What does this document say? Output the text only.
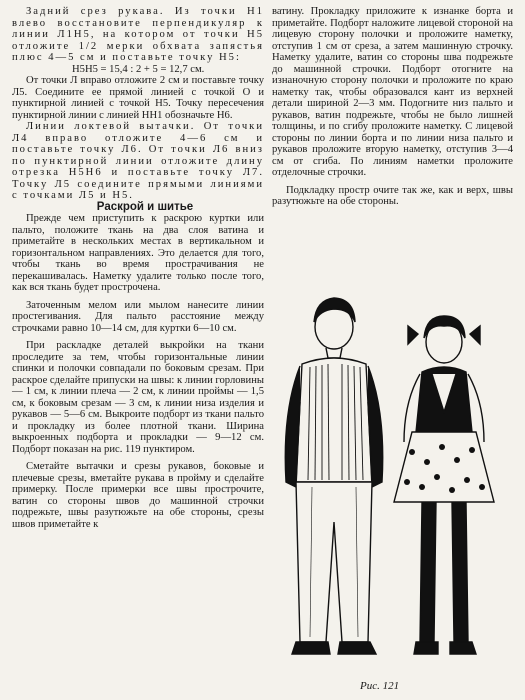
Задний срез рукава. Из точки Н1 влево восстановите перпендикуляр к линии Л1Н5, на котором от точки Н5 отложите 1/2 мерки обхвата запястья плюс 4—5 см и поставьте точку Н5:

Н5Н5 = 15,4 : 2 + 5 = 12,7 см.

От точки Л вправо отложите 2 см и поставьте точку Л5. Соедините ее прямой линией с точкой О и пунктирной линией с точкой Н5. Точку пересечения пунктирной линии с линией НН1 обозначьте Н6.

Линии локтевой вытачки. От точки Л4 вправо отложите 4—6 см и поставьте точку Л6. От точки Л6 вниз по пунктирной линии отложите длину отрезка Н5Н6 и поставьте точку Л7. Точку Л5 соедините прямыми линиями с точками Л5 и Н5.

Раскрой и шитье

Прежде чем приступить к раскрою куртки или пальто, положите ткань на два слоя ватина и приметайте в нескольких местах в вертикальном и горизонтальном направлениях. Это делается для того, чтобы ткань во время прострачивания не перекашивалась. Наметку удалите только после того, как вся ткань будет прострочена.

Заточенным мелом или мылом нанесите линии простегивания. Для пальто расстояние между строчками равно 10—14 см, для куртки 6—10 см.

При раскладке деталей выкройки на ткани проследите за тем, чтобы горизонтальные линии спинки и полочки совпадали по боковым срезам. При раскрое сделайте припуски на швы: к линии горловины — 1 см, к линии плеча — 2 см, к линии проймы — 1,5 см, к боковым срезам — 3 см, к линии низа изделия и рукавов — 5—6 см. Выкроите подборт из ткани пальто и прокладку из более плотной ткани. Ширина выкроенных подборта и прокладки — 9—12 см. Подборт показан на рис. 119 пунктиром.

Сметайте вытачки и срезы рукавов, боковые и плечевые срезы, вметайте рукава в пройму и сделайте примерку. После примерки все швы прострочите, ватин со стороны швов до машинной строчки подрежьте, швы разутюжьте на обе стороны, срезы швов приметайте к

ватину. Прокладку приложите к изнанке борта и приметайте. Подборт наложите лицевой стороной на лицевую сторону полочки и проложите наметку, отступив 1 см от среза, а затем машинную строчку. Наметку удалите, ватин со стороны шва подрежьте до машинной строчки. Подборт отогните на изнаночную сторону полочки и проложите по краю наметку так, чтобы образовался кант из верхней детали шириной 2—3 мм. Подогните низ пальто и рукавов, ватин подрежьте, чтобы не было лишней толщины, и по сгибу проложите наметку. С лицевой стороны по линии борта и по линии низа пальто и рукавов проложите вторую наметку, отступив 3—4 см от сгиба. По линиям наметки проложите отделочные строчки.

Подкладку простр очите так же, как и верх, швы разутюжьте на обе стороны.

Рис. 121
